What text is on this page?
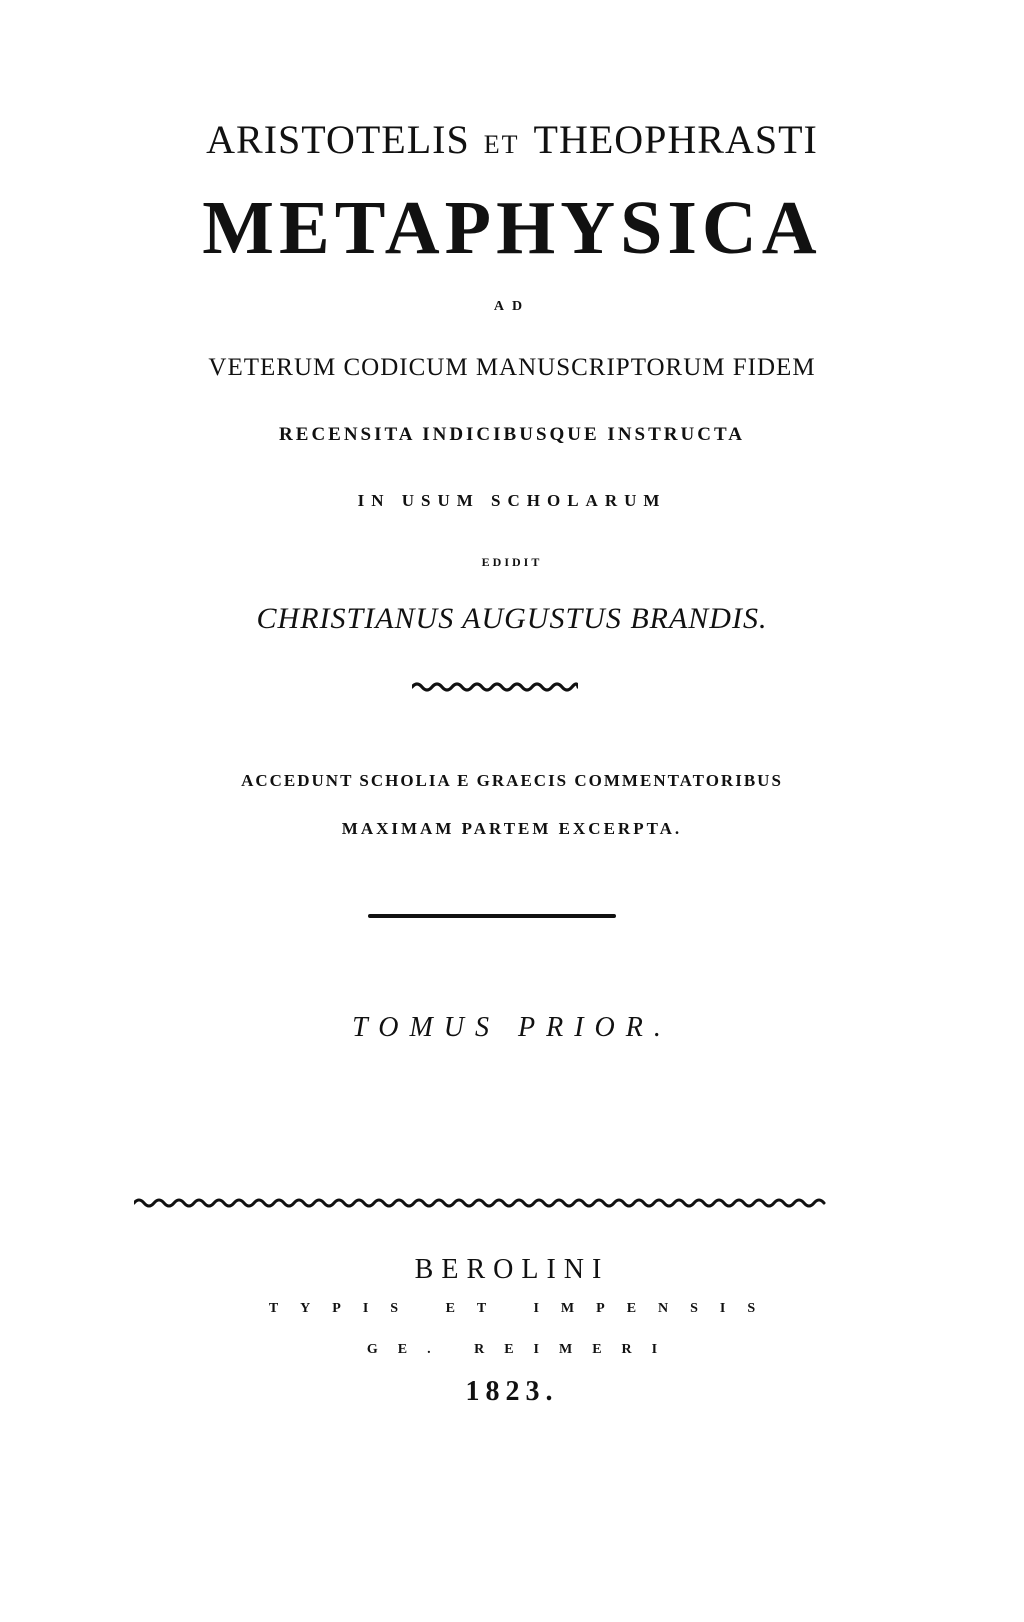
ARISTOTELIS ET THEOPHRASTI
METAPHYSICA
AD
VETERUM CODICUM MANUSCRIPTORUM FIDEM
RECENSITA INDICIBUSQUE INSTRUCTA
IN USUM SCHOLARUM
EDIDIT
CHRISTIANUS AUGUSTUS BRANDIS.
ACCEDUNT SCHOLIA E GRAECIS COMMENTATORIBUS
MAXIMAM PARTEM EXCERPTA.
TOMUS PRIOR.
BEROLINI
TYPIS ET IMPENSIS
GE. REIMERI
1823.
